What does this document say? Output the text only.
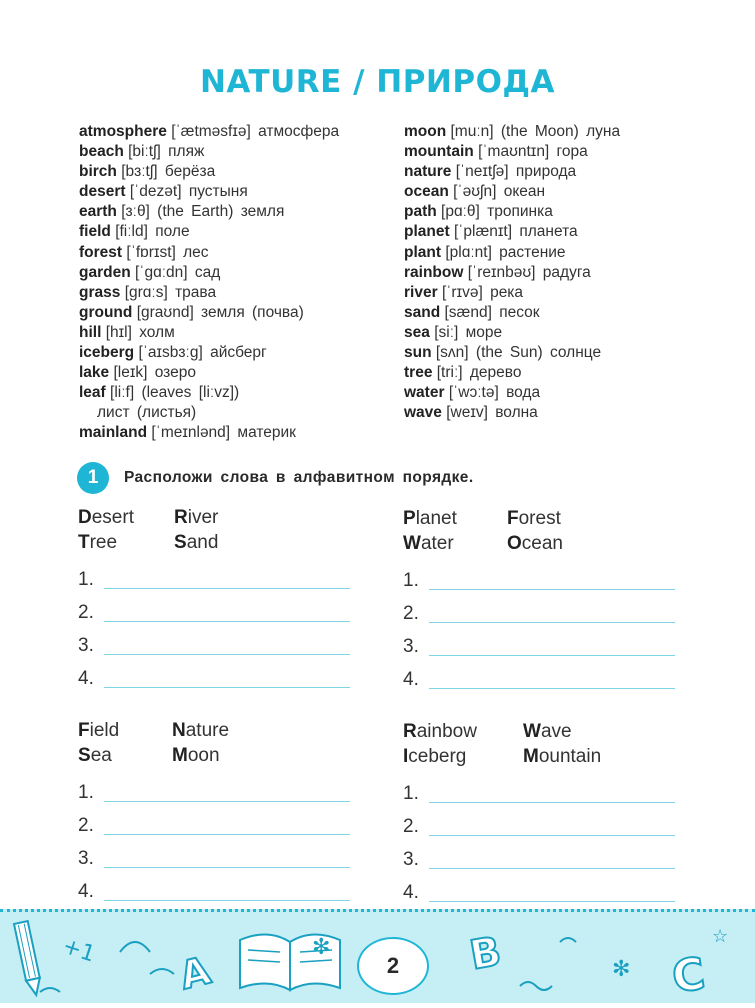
NATURE / ПРИРОДА
atmosphere [ˈætməsfɪə] атмосфера
beach [biːtʃ] пляж
birch [bɜːtʃ] берёза
desert [ˈdezət] пустыня
earth [ɜːθ] (the Earth) земля
field [fiːld] поле
forest [ˈfɒrɪst] лес
garden [ˈɡɑːdn] сад
grass [ɡrɑːs] трава
ground [ɡraʊnd] земля (почва)
hill [hɪl] холм
iceberg [ˈaɪsbɜːɡ] айсберг
lake [leɪk] озеро
leaf [liːf] (leaves [liːvz])
лист (листья)
mainland [ˈmeɪnlənd] материк
moon [muːn] (the Moon) луна
mountain [ˈmaʊntɪn] гора
nature [ˈneɪtʃə] природа
ocean [ˈəʊʃn] океан
path [pɑːθ] тропинка
planet [ˈplænɪt] планета
plant [plɑːnt] растение
rainbow [ˈreɪnbəʊ] радуга
river [ˈrɪvə] река
sand [sænd] песок
sea [siː] море
sun [sʌn] (the Sun) солнце
tree [triː] дерево
water [ˈwɔːtə] вода
wave [weɪv] волна
1	Расположи слова в алфавитном порядке.
Desert River
Tree	Sand
1.
2.
3.
4.
Planet	Forest
Water	Ocean
1.
2.
3.
4.
Field	Nature
Sea	Moon
1.
2.
3.
4.
Rainbow Wave
Iceberg	Mountain
1.
2.
3.
4.
+1 A
✻
✻
☆
B	C
2
